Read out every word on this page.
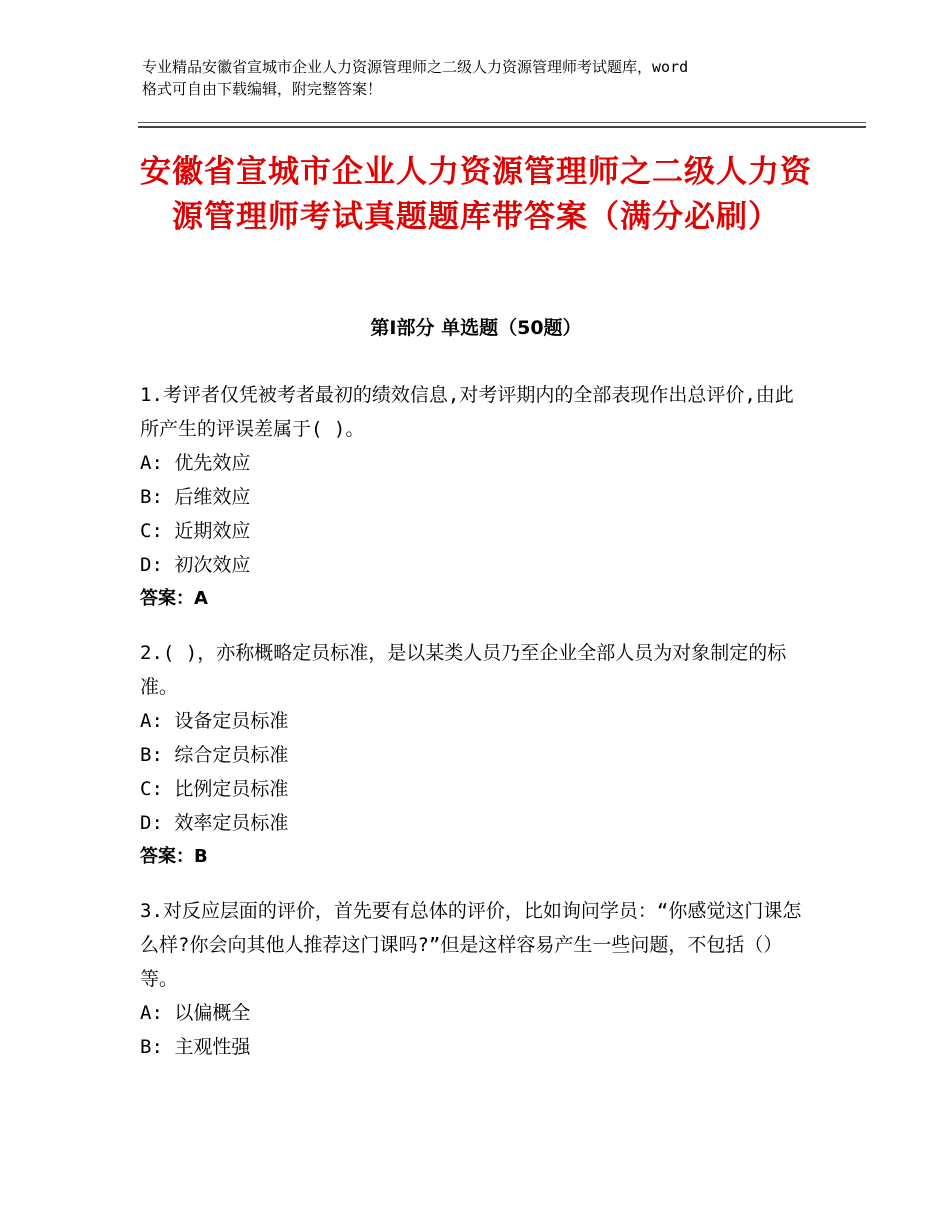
专业精品安徽省宣城市企业人力资源管理师之二级人力资源管理师考试题库，word
格式可自由下载编辑，附完整答案！
安徽省宣城市企业人力资源管理师之二级人力资源管理师考试真题题库带答案（满分必刷）
第Ⅰ部分 单选题（50题）

1.考评者仅凭被考者最初的绩效信息,对考评期内的全部表现作出总评价,由此所产生的评误差属于( )。

A: 优先效应

B: 后维效应

C: 近期效应

D: 初次效应

答案：A

2.( )，亦称概略定员标准，是以某类人员乃至企业全部人员为对象制定的标准。

A: 设备定员标准

B: 综合定员标准

C: 比例定员标准

D: 效率定员标准

答案：B

3.对反应层面的评价，首先要有总体的评价，比如询问学员：“你感觉这门课怎么样?你会向其他人推荐这门课吗?”但是这样容易产生一些问题，不包括（）等。

A: 以偏概全

B: 主观性强
